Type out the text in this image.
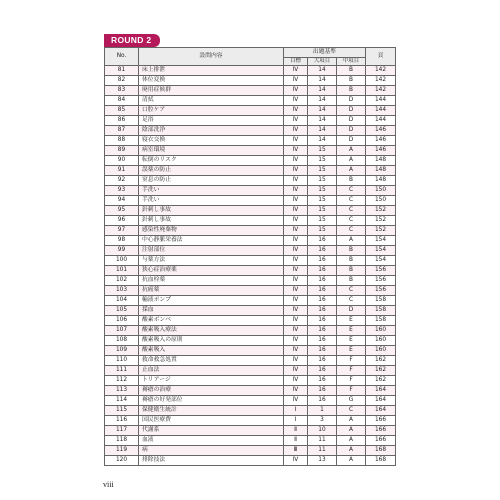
ROUND 2
No.	設問内容	出題基準			頁
		目標	大項目	中項目	
81	床上排泄	Ⅳ	14	B	142
82	体位変換	Ⅳ	14	B	142
83	廃用症候群	Ⅳ	14	B	142
84	清拭	Ⅳ	14	D	144
85	口腔ケア	Ⅳ	14	D	144
86	足浴	Ⅳ	14	D	144
87	陰部洗浄	Ⅳ	14	D	146
88	寝衣交換	Ⅳ	14	D	146
89	病室環境	Ⅳ	15	A	146
90	転倒のリスク	Ⅳ	15	A	148
91	誤薬の防止	Ⅳ	15	A	148
92	窒息の防止	Ⅳ	15	B	148
93	手洗い	Ⅳ	15	C	150
94	手洗い	Ⅳ	15	C	150
95	針刺し事故	Ⅳ	15	C	152
96	針刺し事故	Ⅳ	15	C	152
97	感染性廃棄物	Ⅳ	15	C	152
98	中心静脈栄養法	Ⅳ	16	A	154
99	注射部位	Ⅳ	16	B	154
100	与薬方法	Ⅳ	16	B	154
101	狭心症治療薬	Ⅳ	16	B	156
102	抗血栓薬	Ⅳ	16	B	156
103	抗癌薬	Ⅳ	16	C	156
104	輸液ポンプ	Ⅳ	16	C	158
105	採血	Ⅳ	16	D	158
106	酸素ボンベ	Ⅳ	16	E	158
107	酸素吸入療法	Ⅳ	16	E	160
108	酸素吸入の原則	Ⅳ	16	E	160
109	酸素吸入	Ⅳ	16	E	160
110	救命救急処置	Ⅳ	16	F	162
111	止血法	Ⅳ	16	F	162
112	トリアージ	Ⅳ	16	F	162
113	褥瘡の治療	Ⅳ	16	F	164
114	褥瘡の好発部位	Ⅳ	16	G	164
115	保健衛生統計	Ⅰ	1	C	164
116	国民医療費	Ⅰ	3	A	166
117	代謝系	Ⅱ	10	A	166
118	血液	Ⅱ	11	A	166
119	病	Ⅲ	11	A	168
120	排除技法	Ⅳ	13	A	168
viii
